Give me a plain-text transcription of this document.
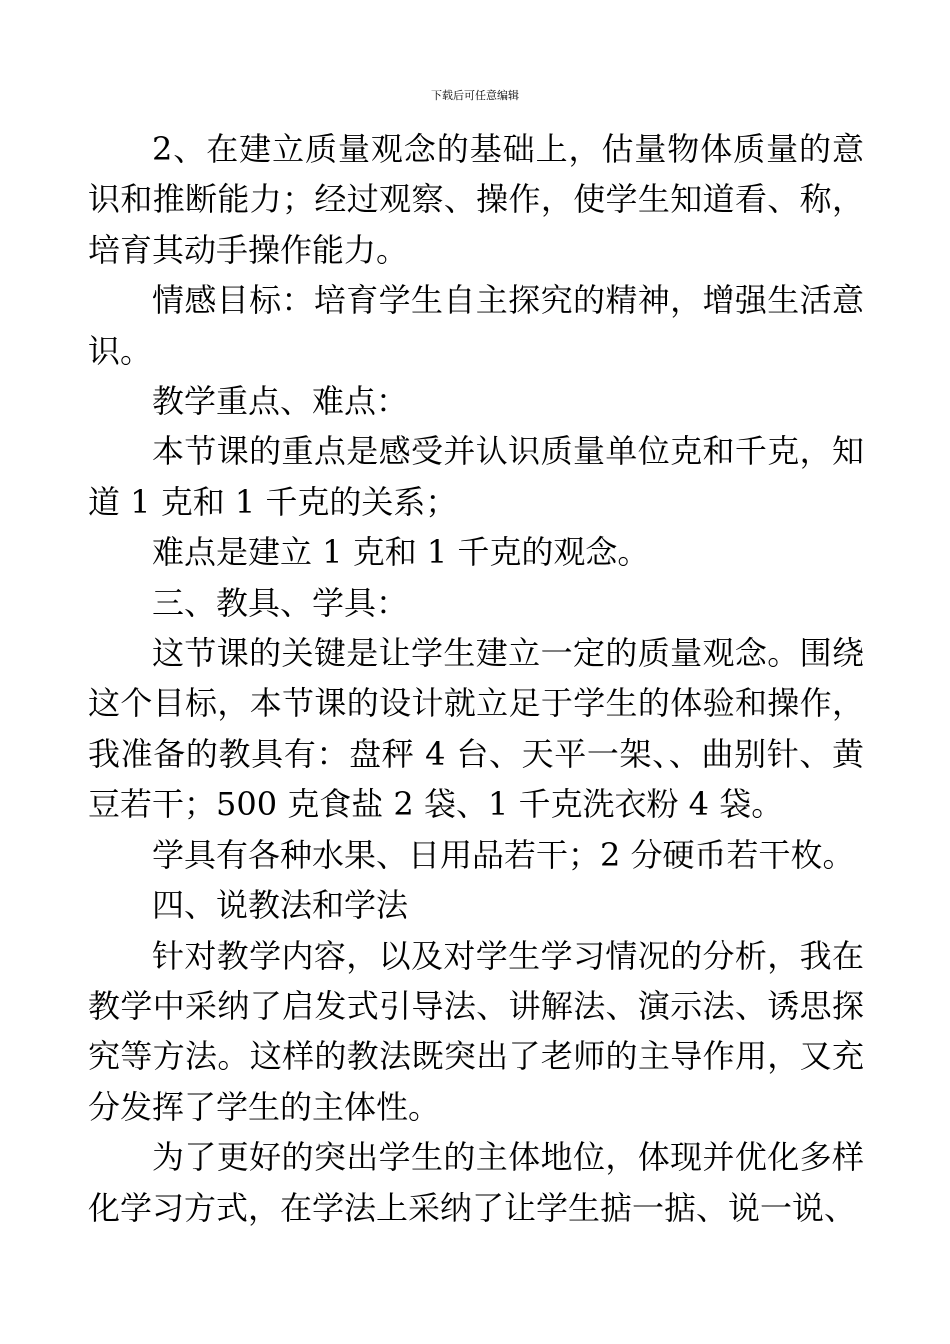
下载后可任意编辑

2、在建立质量观念的基础上，估量物体质量的意识和推断能力；经过观察、操作，使学生知道看、称，培育其动手操作能力。

情感目标：培育学生自主探究的精神，增强生活意识。

教学重点、难点：

本节课的重点是感受并认识质量单位克和千克，知道 1 克和 1 千克的关系；

难点是建立 1 克和 1 千克的观念。

三、教具、学具：

这节课的关键是让学生建立一定的质量观念。围绕这个目标，本节课的设计就立足于学生的体验和操作，我准备的教具有：盘秤 4 台、天平一架、、曲别针、黄豆若干；500 克食盐 2 袋、1 千克洗衣粉 4 袋。

学具有各种水果、日用品若干；2 分硬币若干枚。

四、说教法和学法

针对教学内容，以及对学生学习情况的分析，我在教学中采纳了启发式引导法、讲解法、演示法、诱思探究等方法。这样的教法既突出了老师的主导作用，又充分发挥了学生的主体性。

为了更好的突出学生的主体地位，体现并优化多样化学习方式，在学法上采纳了让学生掂一掂、说一说、
